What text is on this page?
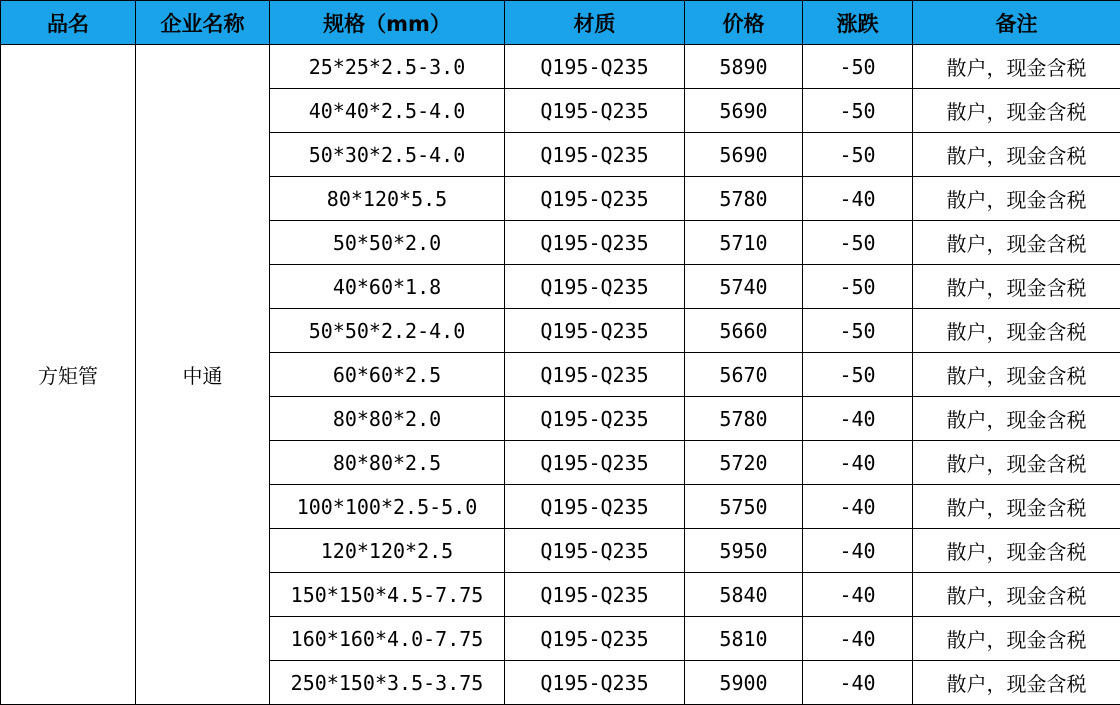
品名	企业名称	规格（mm）	材质	价格	涨跌	备注
方矩管	中通	25*25*2.5-3.0	Q195-Q235	5890	-50	散户，现金含税
		40*40*2.5-4.0	Q195-Q235	5690	-50	散户，现金含税
		50*30*2.5-4.0	Q195-Q235	5690	-50	散户，现金含税
		80*120*5.5	Q195-Q235	5780	-40	散户，现金含税
		50*50*2.0	Q195-Q235	5710	-50	散户，现金含税
		40*60*1.8	Q195-Q235	5740	-50	散户，现金含税
		50*50*2.2-4.0	Q195-Q235	5660	-50	散户，现金含税
		60*60*2.5	Q195-Q235	5670	-50	散户，现金含税
		80*80*2.0	Q195-Q235	5780	-40	散户，现金含税
		80*80*2.5	Q195-Q235	5720	-40	散户，现金含税
		100*100*2.5-5.0	Q195-Q235	5750	-40	散户，现金含税
		120*120*2.5	Q195-Q235	5950	-40	散户，现金含税
		150*150*4.5-7.75	Q195-Q235	5840	-40	散户，现金含税
		160*160*4.0-7.75	Q195-Q235	5810	-40	散户，现金含税
		250*150*3.5-3.75	Q195-Q235	5900	-40	散户，现金含税
